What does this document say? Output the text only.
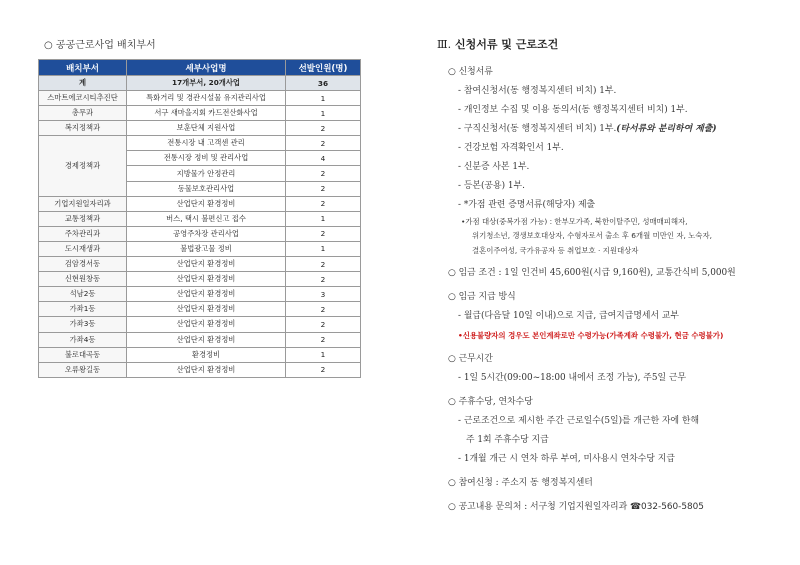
○ 공공근로사업 배치부서
배치부서	세부사업명	선발인원(명)
계	17개부서, 20개사업	36
스마트에코시티추진단	특화거리 및 경관시설물 유지관리사업	1
총무과	서구 새마을지회 카드전산화사업	1
복지정책과	보훈단체 지원사업	2
경제정책과	전통시장 내 고객센 관리	2
	전통시장 정비 및 관리사업	4
	지방물가 안정관리	2
	동물보호관리사업	2
기업지원일자리과	산업단지 환경정비	2
교통정책과	버스, 택시 불편신고 접수	1
주차관리과	공영주차장 관리사업	2
도시재생과	불법광고물 정비	1
검암경서동	산업단지 환경정비	2
신현원창동	산업단지 환경정비	2
석남2동	산업단지 환경정비	3
가좌1동	산업단지 환경정비	2
가좌3동	산업단지 환경정비	2
가좌4동	산업단지 환경정비	2
불로대곡동	환경정비	1
오류왕길동	산업단지 환경정비	2
Ⅲ. 신청서류 및 근로조건
○ 신청서류
- 참여신청서(동 행정복지센터 비치) 1부.
- 개인정보 수집 및 이용 동의서(동 행정복지센터 비치) 1부.
- 구직신청서(동 행정복지센터 비치) 1부.(타서류와 분리하여 제출)
- 건강보험 자격확인서 1부.
- 신분증 사본 1부.
- 등본(공용) 1부.
- *가점 관련 증명서류(해당자) 제출
•가점 대상(중복가점 가능) : 한부모가족, 북한이탈주민, 성매매피해자,
위기청소년, 갱생보호대상자, 수형자로서 출소 후 6개월 미만인 자, 노숙자,
결혼이주여성, 국가유공자 등 취업보호 · 지원대상자
○ 임금 조건 : 1일 인건비 45,600원(시급 9,160원), 교통간식비 5,000원
○ 임금 지급 방식
- 월급(다음달 10일 이내)으로 지급, 급여지급명세서 교부
•신용불량자의 경우도 본인계좌로만 수령가능(가족계좌 수령불가, 현금 수령불가)
○ 근무시간
- 1일 5시간(09:00~18:00 내에서 조정 가능), 주5일 근무
○ 주휴수당, 연차수당
- 근로조건으로 제시한 주간 근로일수(5일)를 개근한 자에 한해
주 1회 주휴수당 지급
- 1개월 개근 시 연차 하루 부여, 미사용시 연차수당 지급
○ 참여신청 : 주소지 동 행정복지센터
○ 공고내용 문의처 : 서구청 기업지원일자리과 ☎032-560-5805
